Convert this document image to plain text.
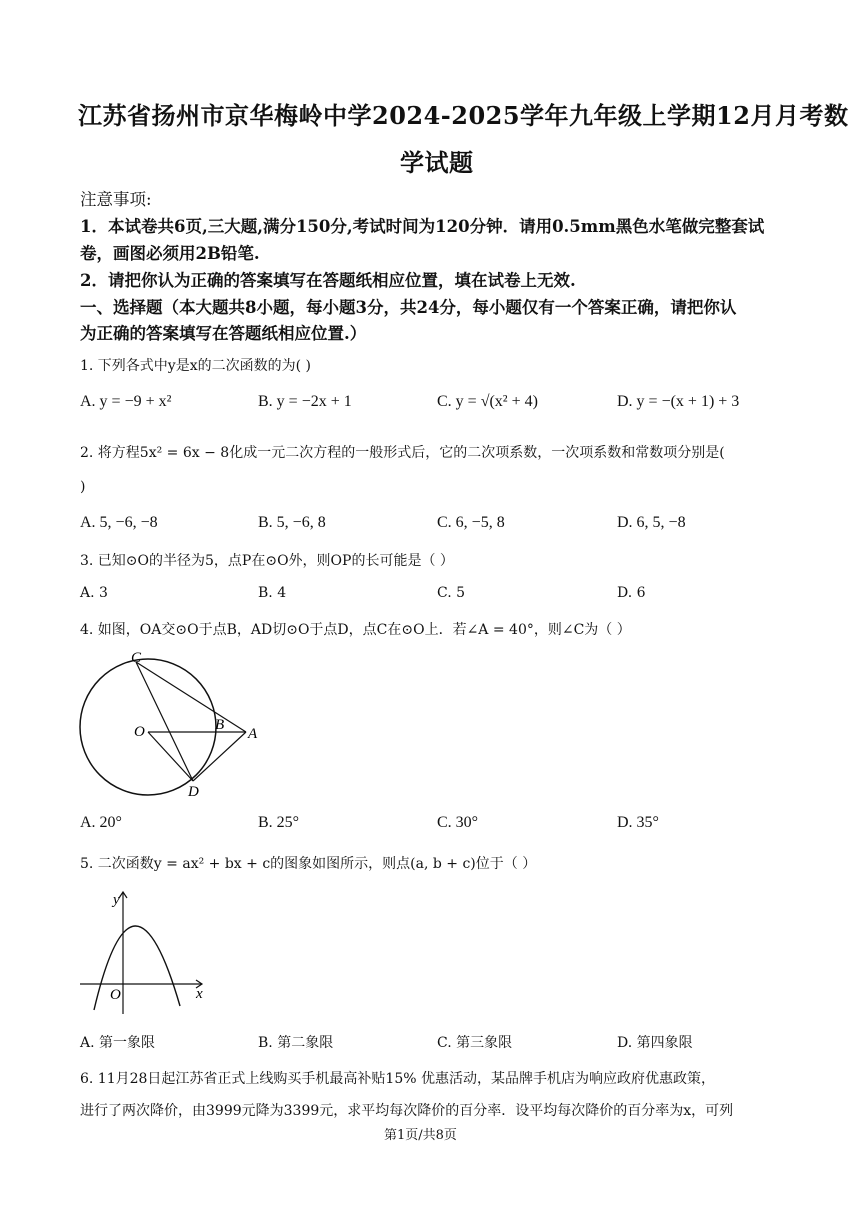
江苏省扬州市京华梅岭中学2024-2025学年九年级上学期12月月考数
学试题
注意事项:
1．本试卷共6页,三大题,满分150分,考试时间为120分钟．请用0.5mm黑色水笔做完整套试
卷，画图必须用2B铅笔.
2．请把你认为正确的答案填写在答题纸相应位置，填在试卷上无效.
一、选择题（本大题共8小题，每小题3分，共24分，每小题仅有一个答案正确，请把你认
为正确的答案填写在答题纸相应位置.）
1. 下列各式中y是x的二次函数的为( )
A. y = −9 + x²	B. y = −2x + 1	C. y = √(x² + 4)	D. y = −(x + 1) + 3
2. 将方程5x² = 6x − 8化成一元二次方程的一般形式后，它的二次项系数，一次项系数和常数项分别是(
)
A. 5, −6, −8	B. 5, −6, 8	C. 6, −5, 8	D. 6, 5, −8
3. 已知⊙O的半径为5，点P在⊙O外，则OP的长可能是（ ）
A. 3	B. 4	C. 5	D. 6
4. 如图，OA交⊙O于点B，AD切⊙O于点D，点C在⊙O上．若∠A = 40°，则∠C为（ ）
C
O	B
A
D
A. 20°	B. 25°	C. 30°	D. 35°
5. 二次函数y = ax² + bx + c的图象如图所示，则点(a, b + c)位于（ ）
y
O	x
A. 第一象限	B. 第二象限	C. 第三象限	D. 第四象限
6. 11月28日起江苏省正式上线购买手机最高补贴15% 优惠活动，某品牌手机店为响应政府优惠政策，
进行了两次降价，由3999元降为3399元，求平均每次降价的百分率．设平均每次降价的百分率为x，可列
第1页/共8页
